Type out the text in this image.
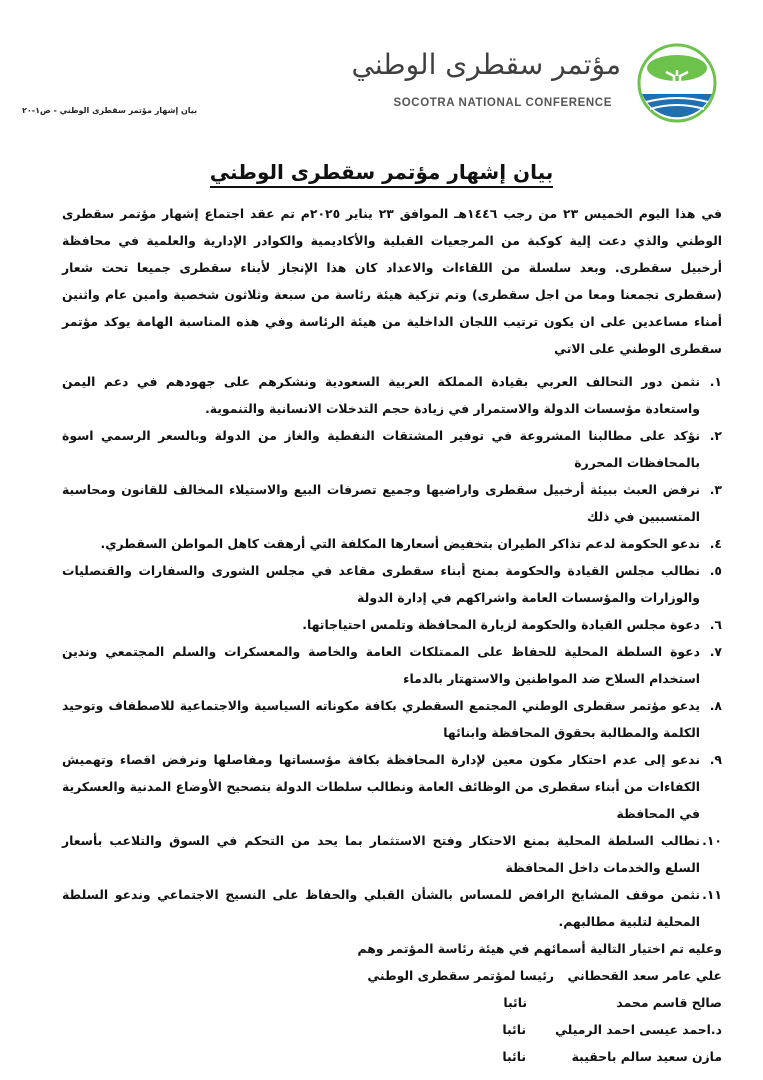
مؤتمر سقطرى الوطني
SOCOTRA NATIONAL CONFERENCE
بيان إشهار مؤتمر سقطرى الوطني - ص١-٢٠
بيان إشهار مؤتمر سقطرى الوطني

في هذا اليوم الخميس ٢٣ من رجب ١٤٤٦هـ الموافق ٢٣ يناير ٢٠٢٥م تم عقد اجتماع إشهار مؤتمر سقطرى الوطني والذي دعت إلية كوكبة من المرجعيات القبلية والأكاديمية والكوادر الإدارية والعلمية في محافظة أرخبيل سقطرى. وبعد سلسلة من اللقاءات والاعداد كان هذا الإنجاز لأبناء سقطرى جميعا تحت شعار (سقطرى تجمعنا ومعا من اجل سقطرى) وتم تزكية هيئة رئاسة من سبعة وثلاثون شخصية وامين عام واثنين أمناء مساعدين على ان يكون ترتيب اللجان الداخلية من هيئة الرئاسة وفي هذه المناسبة الهامة يوكد مؤتمر سقطرى الوطني على الاتي

١.
نثمن دور التحالف العربي بقيادة المملكة العربية السعودية ونشكرهم على جهودهم في دعم اليمن واستعادة مؤسسات الدولة والاستمرار في زيادة حجم التدخلات الانسانية والتنموية.
٢.
نؤكد على مطالبنا المشروعة في توفير المشتقات النفطية والغاز من الدولة وبالسعر الرسمي اسوة بالمحافظات المحررة
٣.
نرفض العبث ببيئة أرخبيل سقطرى واراضيها وجميع تصرفات البيع والاستيلاء المخالف للقانون ومحاسبة المتسببين في ذلك
٤.
ندعو الحكومة لدعم تذاكر الطيران بتخفيض أسعارها المكلفة التي أرهقت كاهل المواطن السقطري.
٥.
نطالب مجلس القيادة والحكومة بمنح أبناء سقطرى مقاعد في مجلس الشورى والسفارات والقنصليات والوزارات والمؤسسات العامة واشراكهم في إدارة الدولة
٦.
دعوة مجلس القيادة والحكومة لزيارة المحافظة وتلمس احتياجاتها.
٧.
دعوة السلطة المحلية للحفاظ على الممتلكات العامة والخاصة والمعسكرات والسلم المجتمعي وندين استخدام السلاح ضد المواطنين والاستهتار بالدماء
٨.
يدعو مؤتمر سقطرى الوطني المجتمع السقطري بكافة مكوناته السياسية والاجتماعية للاصطفاف وتوحيد الكلمة والمطالبة بحقوق المحافظة وابنائها
٩.
ندعو إلى عدم احتكار مكون معين لإدارة المحافظة بكافة مؤسساتها ومفاصلها ونرفض اقصاء وتهميش الكفاءات من أبناء سقطرى من الوظائف العامة ونطالب سلطات الدولة بتصحيح الأوضاع المدنية والعسكرية في المحافظة
١٠.
نطالب السلطة المحلية بمنع الاحتكار وفتح الاستثمار بما يحد من التحكم في السوق والتلاعب بأسعار السلع والخدمات داخل المحافظة
١١.
نثمن موقف المشايخ الرافض للمساس بالشأن القبلي والحفاظ على النسيج الاجتماعي وندعو السلطة المحلية لتلبية مطالبهم.

وعليه تم اختيار التالية أسمائهم في هيئة رئاسة المؤتمر وهم

علي عامر سعد القحطاني
رئيسا لمؤتمر سقطرى الوطني
صالح قاسم محمد
نائبا
د.احمد عيسى احمد الرميلي
نائبا
مازن سعيد سالم باحقيبة
نائبا
